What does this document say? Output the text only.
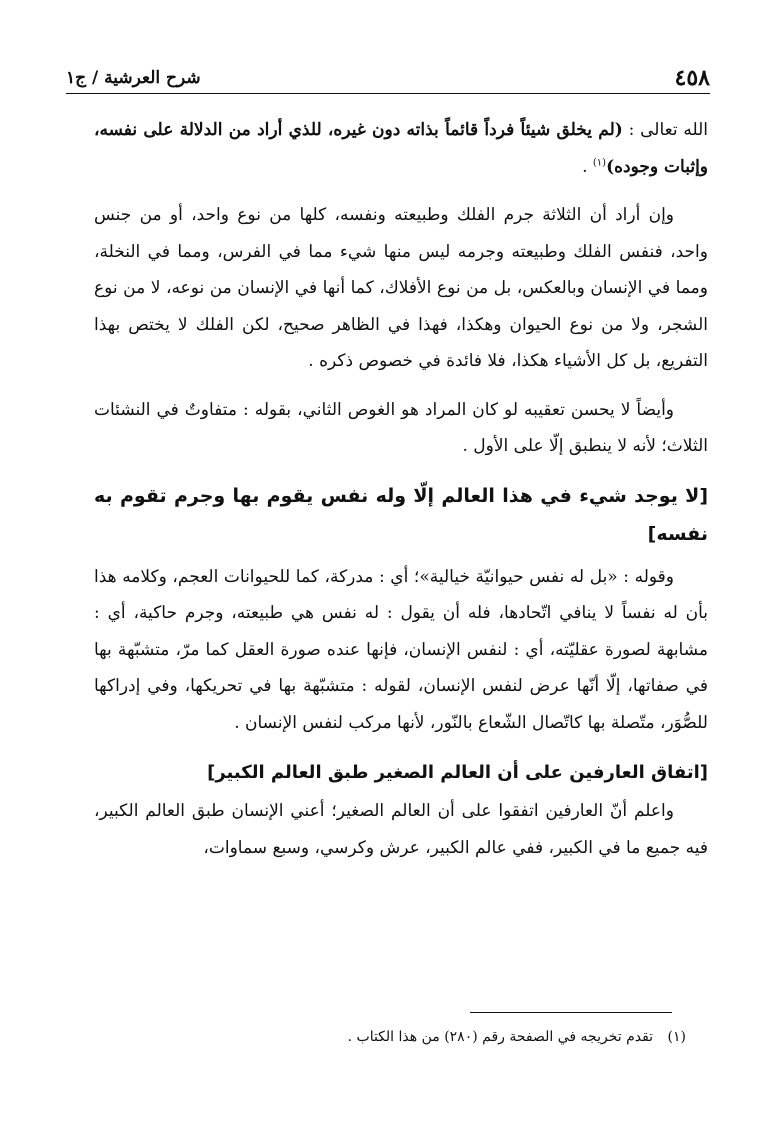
٤٥٨
شرح العرشية / ج١

الله تعالى : (لم يخلق شيئاً فرداً قائماً بذاته دون غيره، للذي أراد من الدلالة على نفسه، وإثبات وجوده)$^{(١)}$ .

وإن أراد أن الثلاثة جرم الفلك وطبيعته ونفسه، كلها من نوع واحد، أو من جنس واحد، فنفس الفلك وطبيعته وجرمه ليس منها شيء مما في الفرس، ومما في النخلة، ومما في الإنسان وبالعكس، بل من نوع الأفلاك، كما أنها في الإنسان من نوعه، لا من نوع الشجر، ولا من نوع الحيوان وهكذا، فهذا في الظاهر صحيح، لكن الفلك لا يختص بهذا التفريع، بل كل الأشياء هكذا، فلا فائدة في خصوص ذكره .

وأيضاً لا يحسن تعقيبه لو كان المراد هو الغوص الثاني، بقوله : متفاوتٌ في النشئات الثلاث؛ لأنه لا ينطبق إلّا على الأول .

[لا يوجد شيء في هذا العالم إلّا وله نفس يقوم بها وجرم تقوم به نفسه]

وقوله : «بل له نفس حيوانيّة خيالية»؛ أي : مدركة، كما للحيوانات العجم، وكلامه هذا بأن له نفساً لا ينافي اتّحادها، فله أن يقول : له نفس هي طبيعته، وجرم حاكية، أي : مشابهة لصورة عقليّته، أي : لنفس الإنسان، فإنها عنده صورة العقل كما مرّ، متشبّهة بها في صفاتها، إلّا أنّها عرض لنفس الإنسان، لقوله : متشبّهة بها في تحريكها، وفي إدراكها للصُّوَر، متّصلة بها كاتّصال الشّعاع بالنّور، لأنها مركب لنفس الإنسان .

[اتفاق العارفين على أن العالم الصغير طبق العالم الكبير]

واعلم أنّ العارفين اتفقوا على أن العالم الصغير؛ أعني الإنسان طبق العالم الكبير، فيه جميع ما في الكبير، ففي عالم الكبير، عرش وكرسي، وسبع سماوات،

(١) تقدم تخريجه في الصفحة رقم (٢٨٠) من هذا الكتاب .
